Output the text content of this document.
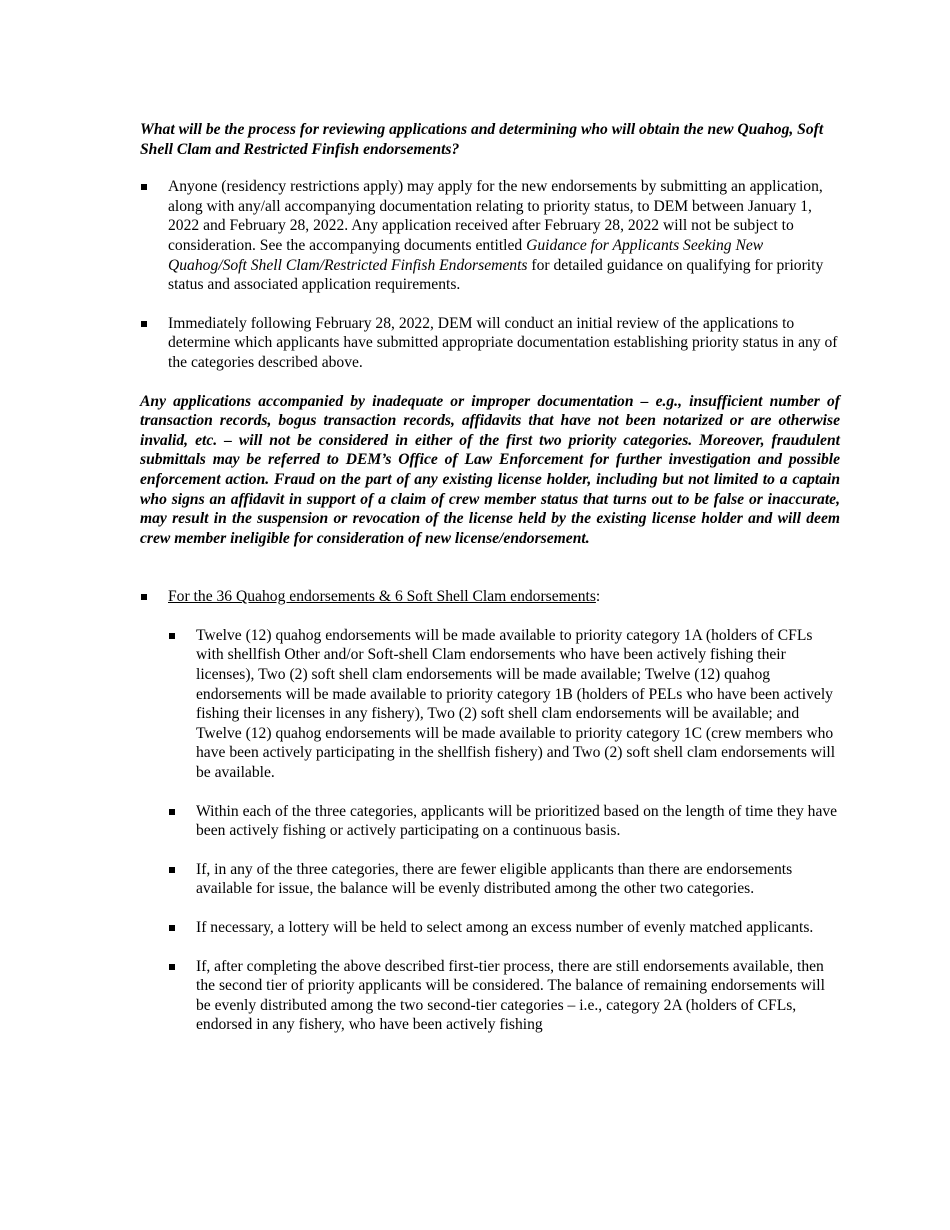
What will be the process for reviewing applications and determining who will obtain the new Quahog, Soft Shell Clam and Restricted Finfish endorsements?

Anyone (residency restrictions apply) may apply for the new endorsements by submitting an application, along with any/all accompanying documentation relating to priority status, to DEM between January 1, 2022 and February 28, 2022. Any application received after February 28, 2022 will not be subject to consideration. See the accompanying documents entitled Guidance for Applicants Seeking New Quahog/Soft Shell Clam/Restricted Finfish Endorsements for detailed guidance on qualifying for priority status and associated application requirements.
Immediately following February 28, 2022, DEM will conduct an initial review of the applications to determine which applicants have submitted appropriate documentation establishing priority status in any of the categories described above.

Any applications accompanied by inadequate or improper documentation – e.g., insufficient number of transaction records, bogus transaction records, affidavits that have not been notarized or are otherwise invalid, etc. – will not be considered in either of the first two priority categories. Moreover, fraudulent submittals may be referred to DEM’s Office of Law Enforcement for further investigation and possible enforcement action. Fraud on the part of any existing license holder, including but not limited to a captain who signs an affidavit in support of a claim of crew member status that turns out to be false or inaccurate, may result in the suspension or revocation of the license held by the existing license holder and will deem crew member ineligible for consideration of new license/endorsement.

For the 36 Quahog endorsements & 6 Soft Shell Clam endorsements:
Twelve (12) quahog endorsements will be made available to priority category 1A (holders of CFLs with shellfish Other and/or Soft-shell Clam endorsements who have been actively fishing their licenses), Two (2) soft shell clam endorsements will be made available; Twelve (12) quahog endorsements will be made available to priority category 1B (holders of PELs who have been actively fishing their licenses in any fishery), Two (2) soft shell clam endorsements will be available; and Twelve (12) quahog endorsements will be made available to priority category 1C (crew members who have been actively participating in the shellfish fishery) and Two (2) soft shell clam endorsements will be available.
Within each of the three categories, applicants will be prioritized based on the length of time they have been actively fishing or actively participating on a continuous basis.
If, in any of the three categories, there are fewer eligible applicants than there are endorsements available for issue, the balance will be evenly distributed among the other two categories.
If necessary, a lottery will be held to select among an excess number of evenly matched applicants.
If, after completing the above described first-tier process, there are still endorsements available, then the second tier of priority applicants will be considered. The balance of remaining endorsements will be evenly distributed among the two second-tier categories – i.e., category 2A (holders of CFLs, endorsed in any fishery, who have been actively fishing
